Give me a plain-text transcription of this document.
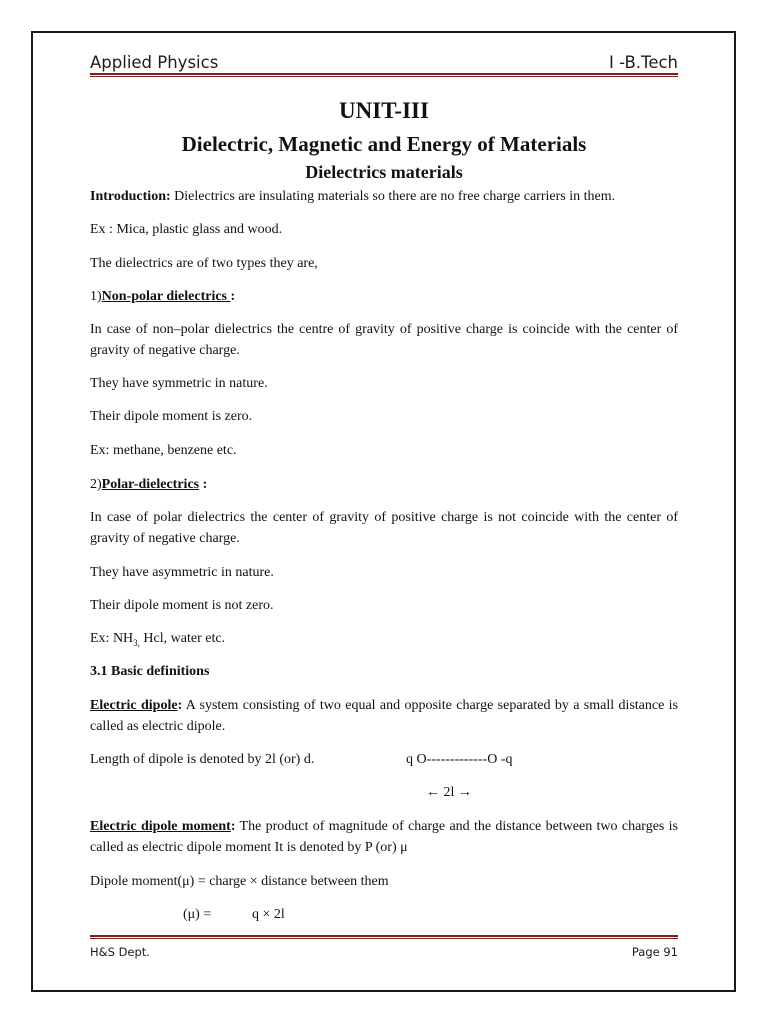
Applied Physics	I -B.Tech
UNIT-III
Dielectric, Magnetic and Energy of Materials
Dielectrics materials
Introduction: Dielectrics are insulating materials so there are no free charge carriers in them.
Ex : Mica, plastic glass and wood.
The dielectrics are of two types they are,
1)Non-polar dielectrics :
In case of non–polar dielectrics the centre of gravity of positive charge is coincide with the center of gravity of negative charge.
They have symmetric in nature.
Their dipole moment is zero.
Ex: methane, benzene etc.
2)Polar-dielectrics :
In case of polar dielectrics the center of gravity of positive charge is not coincide with the center of gravity of negative charge.
They have asymmetric in nature.
Their dipole moment is not zero.
Ex: $NH_{3,}$ Hcl, water etc.
3.1 Basic definitions
Electric dipole: A system consisting of two equal and opposite charge separated by a small distance is called as electric dipole.
Length of dipole is denoted by 2l (or) d.	q O-------------O -q
← 2l →
Electric dipole moment: The product of magnitude of charge and the distance between two charges is called as electric dipole moment It is denoted by P (or) μ
Dipole moment(μ) = charge × distance between them
(μ) =	q × 2l
H&S Dept.	Page 91
